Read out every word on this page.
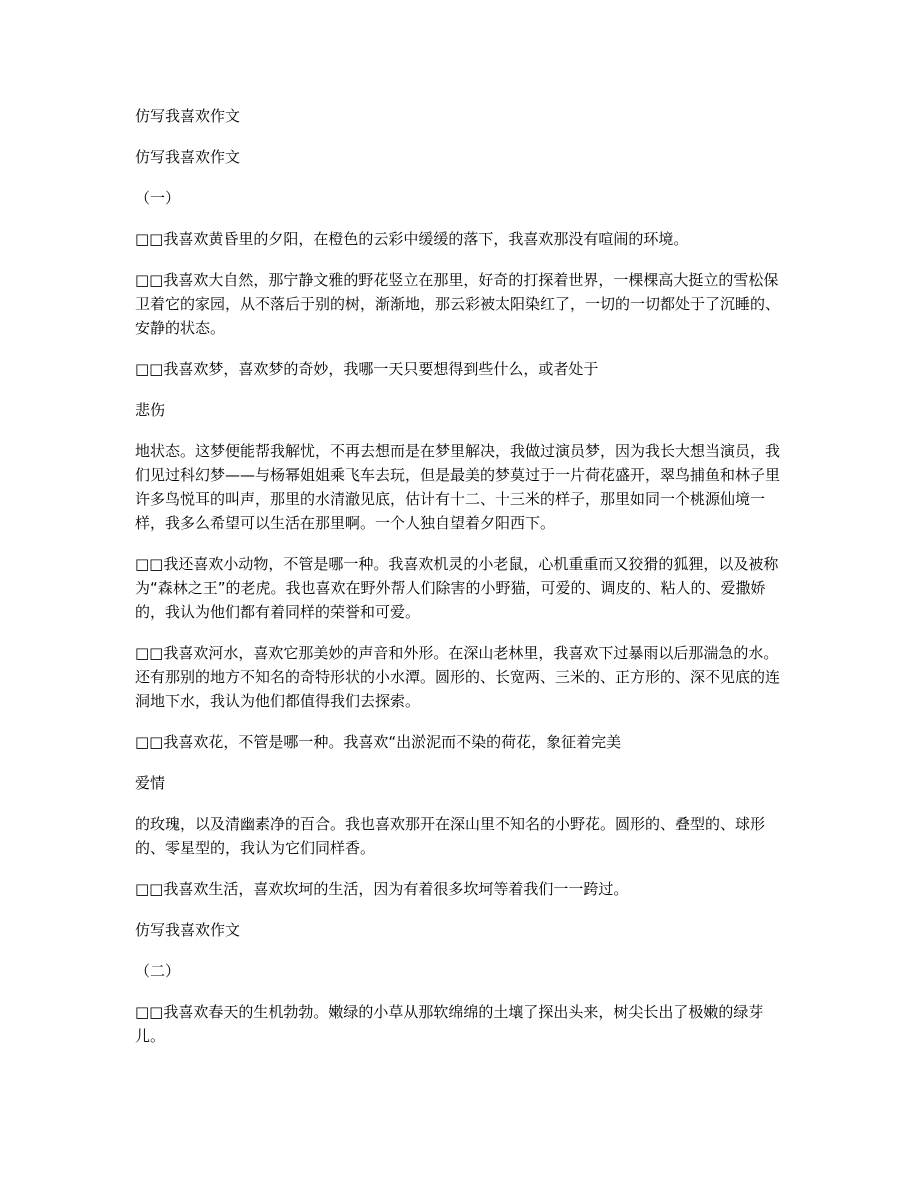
仿写我喜欢作文

仿写我喜欢作文

（一）

□□我喜欢黄昏里的夕阳，在橙色的云彩中缓缓的落下，我喜欢那没有喧闹的环境。

□□我喜欢大自然，那宁静文雅的野花竖立在那里，好奇的打探着世界，一棵棵高大挺立的雪松保卫着它的家园，从不落后于别的树，渐渐地，那云彩被太阳染红了，一切的一切都处于了沉睡的、安静的状态。

□□我喜欢梦，喜欢梦的奇妙，我哪一天只要想得到些什么，或者处于

悲伤

地状态。这梦便能帮我解忧，不再去想而是在梦里解决，我做过演员梦，因为我长大想当演员，我们见过科幻梦——与杨幂姐姐乘飞车去玩，但是最美的梦莫过于一片荷花盛开，翠鸟捕鱼和林子里许多鸟悦耳的叫声，那里的水清澈见底，估计有十二、十三米的样子，那里如同一个桃源仙境一样，我多么希望可以生活在那里啊。一个人独自望着夕阳西下。

□□我还喜欢小动物，不管是哪一种。我喜欢机灵的小老鼠，心机重重而又狡猾的狐狸，以及被称为“森林之王”的老虎。我也喜欢在野外帮人们除害的小野猫，可爱的、调皮的、粘人的、爱撒娇的，我认为他们都有着同样的荣誉和可爱。

□□我喜欢河水，喜欢它那美妙的声音和外形。在深山老林里，我喜欢下过暴雨以后那湍急的水。还有那别的地方不知名的奇特形状的小水潭。圆形的、长宽两、三米的、正方形的、深不见底的连洞地下水，我认为他们都值得我们去探索。

□□我喜欢花，不管是哪一种。我喜欢“出淤泥而不染的荷花，象征着完美

爱情

的玫瑰，以及清幽素净的百合。我也喜欢那开在深山里不知名的小野花。圆形的、叠型的、球形的、零星型的，我认为它们同样香。

□□我喜欢生活，喜欢坎坷的生活，因为有着很多坎坷等着我们一一跨过。

仿写我喜欢作文

（二）

□□我喜欢春天的生机勃勃。嫩绿的小草从那软绵绵的土壤了探出头来，树尖长出了极嫩的绿芽儿。
